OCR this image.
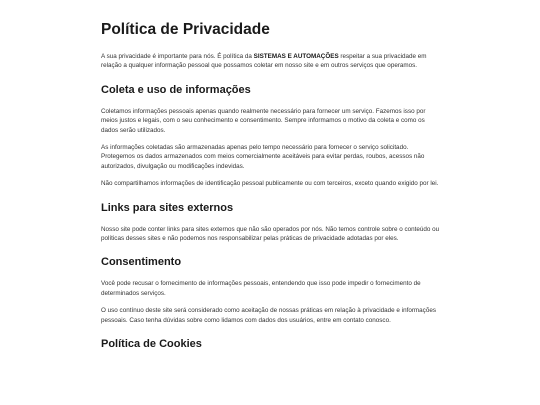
Política de Privacidade

A sua privacidade é importante para nós. É política da SISTEMAS E AUTOMAÇÕES respeitar a sua privacidade em relação a qualquer informação pessoal que possamos coletar em nosso site e em outros serviços que operamos.

Coleta e uso de informações

Coletamos informações pessoais apenas quando realmente necessário para fornecer um serviço. Fazemos isso por meios justos e legais, com o seu conhecimento e consentimento. Sempre informamos o motivo da coleta e como os dados serão utilizados.

As informações coletadas são armazenadas apenas pelo tempo necessário para fornecer o serviço solicitado. Protegemos os dados armazenados com meios comercialmente aceitáveis para evitar perdas, roubos, acessos não autorizados, divulgação ou modificações indevidas.

Não compartilhamos informações de identificação pessoal publicamente ou com terceiros, exceto quando exigido por lei.

Links para sites externos

Nosso site pode conter links para sites externos que não são operados por nós. Não temos controle sobre o conteúdo ou políticas desses sites e não podemos nos responsabilizar pelas práticas de privacidade adotadas por eles.

Consentimento

Você pode recusar o fornecimento de informações pessoais, entendendo que isso pode impedir o fornecimento de determinados serviços.

O uso contínuo deste site será considerado como aceitação de nossas práticas em relação à privacidade e informações pessoais. Caso tenha dúvidas sobre como lidamos com dados dos usuários, entre em contato conosco.

Política de Cookies
